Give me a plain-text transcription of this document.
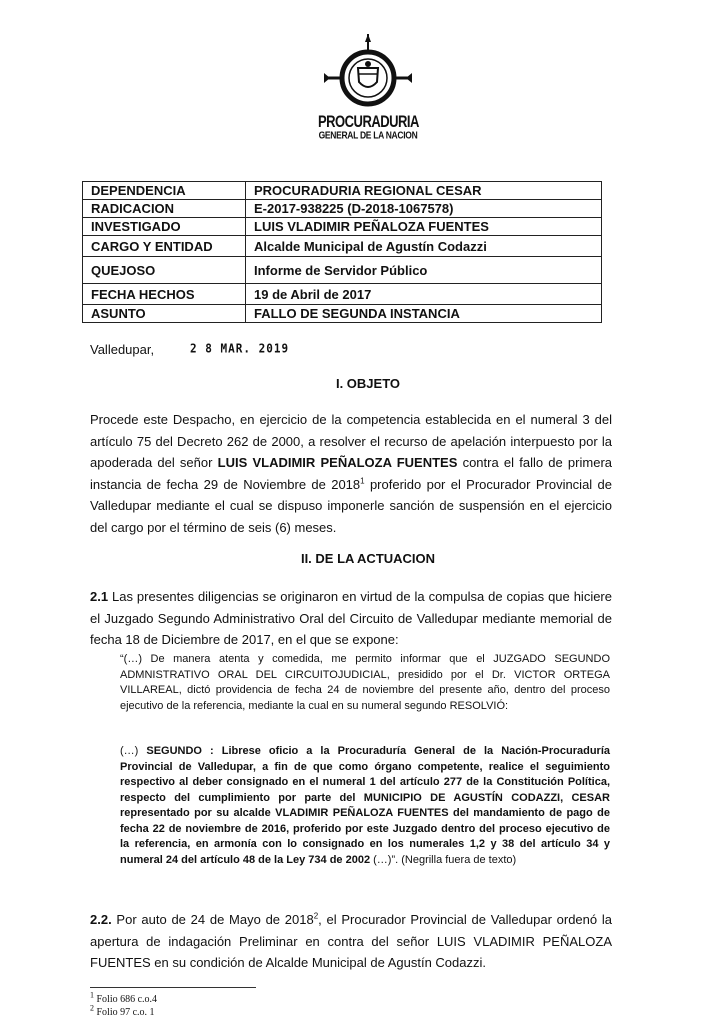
PROCURADURIA
GENERAL DE LA NACION
DEPENDENCIA	PROCURADURIA REGIONAL CESAR
RADICACION	E-2017-938225 (D-2018-1067578)
INVESTIGADO	LUIS VLADIMIR PEÑALOZA FUENTES
CARGO Y ENTIDAD	Alcalde Municipal de Agustín Codazzi
QUEJOSO	Informe de Servidor Público
FECHA HECHOS	19 de Abril de 2017
ASUNTO	FALLO DE SEGUNDA INSTANCIA
Valledupar,	2 8 MAR. 2019
I. OBJETO
Procede este Despacho, en ejercicio de la competencia establecida en el numeral 3 del artículo 75 del Decreto 262 de 2000, a resolver el recurso de apelación interpuesto por la apoderada del señor LUIS VLADIMIR PEÑALOZA FUENTES contra el fallo de primera instancia de fecha 29 de Noviembre de 2018$^1$ proferido por el Procurador Provincial de Valledupar mediante el cual se dispuso imponerle sanción de suspensión en el ejercicio del cargo por el término de seis (6) meses.
II. DE LA ACTUACION
2.1 Las presentes diligencias se originaron en virtud de la compulsa de copias que hiciere el Juzgado Segundo Administrativo Oral del Circuito de Valledupar mediante memorial de fecha 18 de Diciembre de 2017, en el que se expone:
“(…) De manera atenta y comedida, me permito informar que el JUZGADO SEGUNDO ADMNISTRATIVO ORAL DEL CIRCUITOJUDICIAL, presidido por el Dr. VICTOR ORTEGA VILLAREAL, dictó providencia de fecha 24 de noviembre del presente año, dentro del proceso ejecutivo de la referencia, mediante la cual en su numeral segundo RESOLVIÓ:
(…) SEGUNDO : Librese oficio a la Procuraduría General de la Nación-Procuraduría Provincial de Valledupar, a fin de que como órgano competente, realice el seguimiento respectivo al deber consignado en el numeral 1 del artículo 277 de la Constitución Política, respecto del cumplimiento por parte del MUNICIPIO DE AGUSTÍN CODAZZI, CESAR representado por su alcalde VLADIMIR PEÑALOZA FUENTES del mandamiento de pago de fecha 22 de noviembre de 2016, proferido por este Juzgado dentro del proceso ejecutivo de la referencia, en armonía con lo consignado en los numerales 1,2 y 38 del artículo 34 y numeral 24 del artículo 48 de la Ley 734 de 2002 (…)”. (Negrilla fuera de texto)
2.2. Por auto de 24 de Mayo de 2018$^2$, el Procurador Provincial de Valledupar ordenó la apertura de indagación Preliminar en contra del señor LUIS VLADIMIR PEÑALOZA FUENTES en su condición de Alcalde Municipal de Agustín Codazzi.
$^1$ Folio 686 c.o.4
$^2$ Folio 97 c.o. 1
